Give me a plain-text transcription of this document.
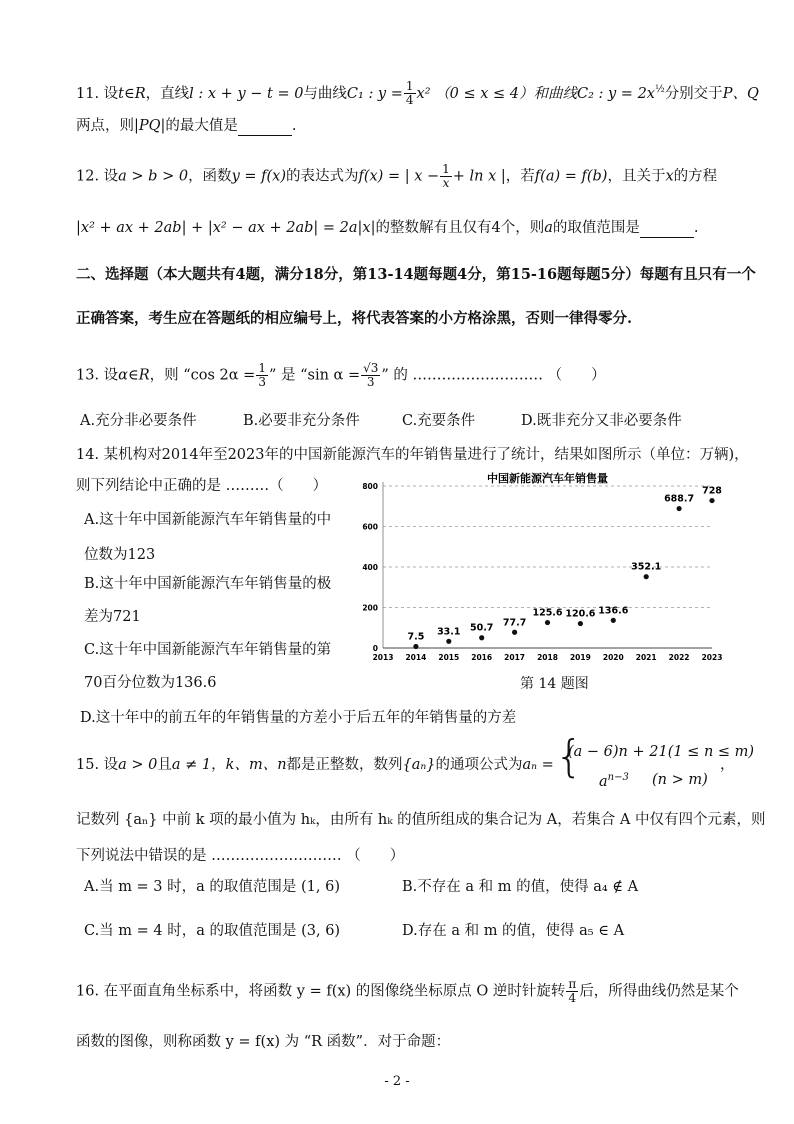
11. 设t∈R，直线l : x + y − t = 0与曲线C₁ : $y = \frac{1}{4} x^2$ （0 ≤ x ≤ 4）和曲线C₂ : $y = 2x^{\frac{1}{2}}$分别交于P、Q
两点，则|PQ|的最大值是	.
12. 设a > b > 0，函数y = f(x)的表达式为f(x) = | $x - \frac{1}{x} + \ln x$ |，若f(a) = f(b)，且关于x的方程
|x² + ax + 2ab| + |x² − ax + 2ab| = 2a|x|的整数解有且仅有4个，则a的取值范围是	.
二、选择题（本大题共有4题，满分18分，第13-14题每题4分，第15-16题每题5分）每题有且只有一个
正确答案，考生应在答题纸的相应编号上，将代表答案的小方格涂黑，否则一律得零分.
13. 设α∈R，则 “cos $2\alpha = \frac{1}{3}$ ” 是 “sin $\alpha = \frac{√3}{3}$ ” 的 ……………………… （　　）
A.充分非必要条件	B.必要非充分条件	C.充要条件	D.既非充分又非必要条件
14. 某机构对2014年至2023年的中国新能源汽车的年销售量进行了统计，结果如图所示（单位：万辆)，
则下列结论中正确的是 ………（　　）
A.这十年中国新能源汽车年销售量的中
位数为123
B.这十年中国新能源汽车年销售量的极
差为721
C.这十年中国新能源汽车年销售量的第
70百分位数为136.6
D.这十年中的前五年的年销售量的方差小于后五年的年销售量的方差
中国新能源汽车年销售量
0
200
400
600
800
2013 2014 2015 2016 2017 2018 2019 2020 2021 2022 2023
7.5 33.1 50.7 77.7
125.6 120.6 136.6
352.1
688.7
728
第 14 题图
15. 设a > 0且a ≠ 1，k、m、n都是正整数，数列{aₙ}的通项公式为aₙ = {
(a − 6)n + 21(1 ≤ n ≤ m)
$a^{n-3}$ (n > m)
，
记数列 {aₙ} 中前 k 项的最小值为 hₖ，由所有 hₖ 的值所组成的集合记为 A，若集合 A 中仅有四个元素，则
下列说法中错误的是 ……………………… （　　）
A.当 m = 3 时，a 的取值范围是 (1, 6)	B.不存在 a 和 m 的值，使得 a₄ ∉ A
C.当 m = 4 时，a 的取值范围是 (3, 6)	D.存在 a 和 m 的值，使得 a₅ ∈ A
16. 在平面直角坐标系中，将函数 y = f(x) 的图像绕坐标原点 O 逆时针旋转 $\frac{\pi}{4}$ 后，所得曲线仍然是某个
函数的图像，则称函数 y = f(x) 为 “R 函数”．对于命题：
- 2 -
